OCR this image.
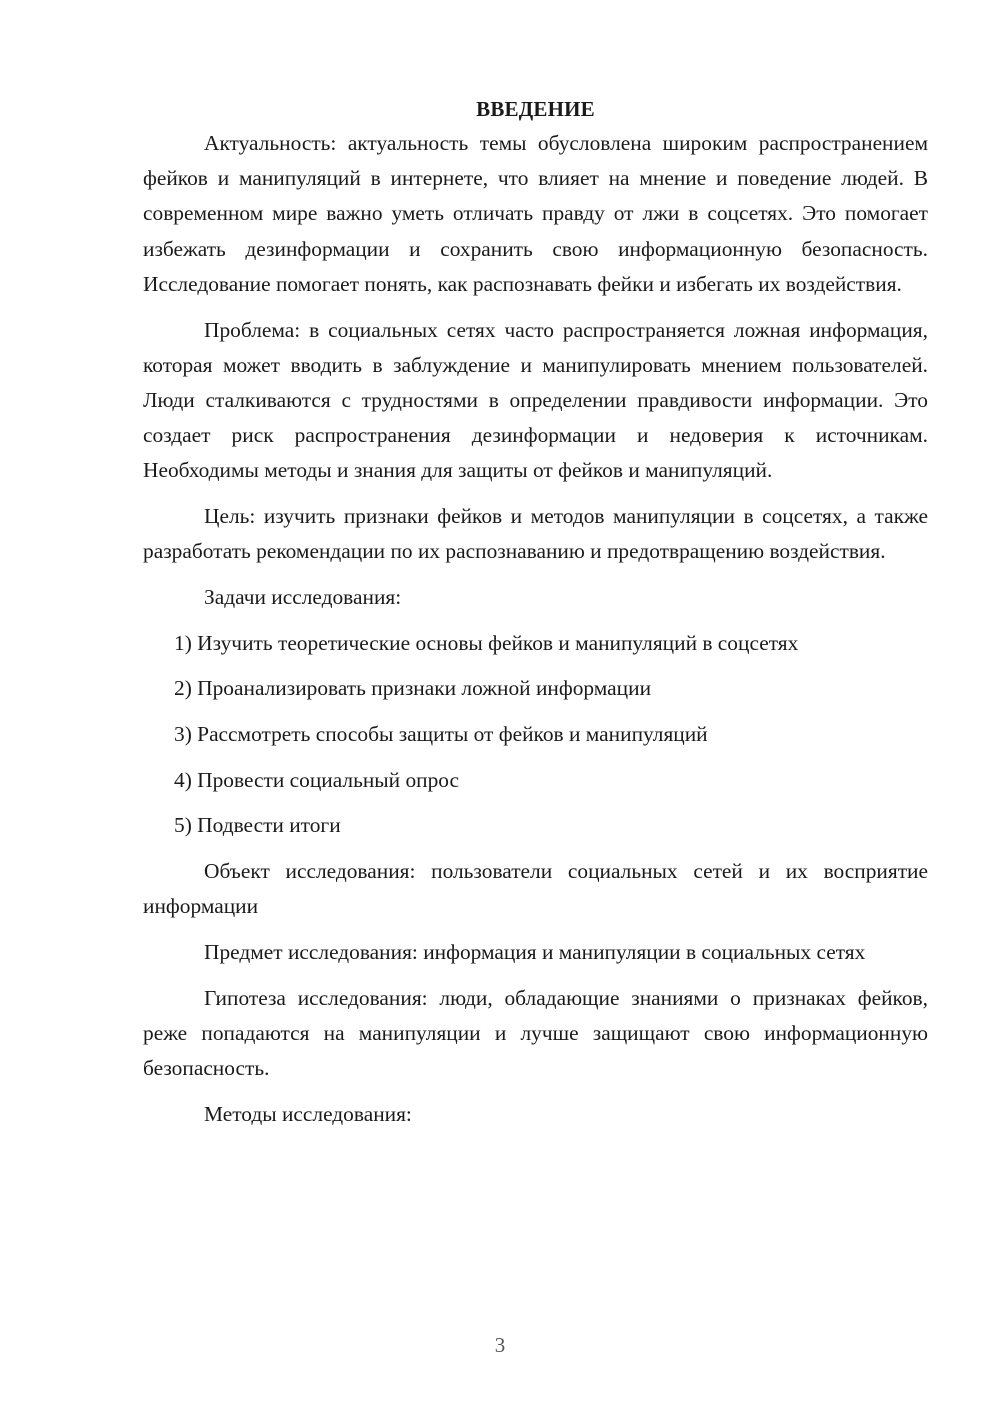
ВВЕДЕНИЕ

Актуальность: актуальность темы обусловлена широким распространением фейков и манипуляций в интернете, что влияет на мнение и поведение людей. В современном мире важно уметь отличать правду от лжи в соцсетях. Это помогает избежать дезинформации и сохранить свою информационную безопасность. Исследование помогает понять, как распознавать фейки и избегать их воздействия.

Проблема: в социальных сетях часто распространяется ложная информация, которая может вводить в заблуждение и манипулировать мнением пользователей. Люди сталкиваются с трудностями в определении правдивости информации. Это создает риск распространения дезинформации и недоверия к источникам. Необходимы методы и знания для защиты от фейков и манипуляций.

Цель: изучить признаки фейков и методов манипуляции в соцсетях, а также разработать рекомендации по их распознаванию и предотвращению воздействия.

Задачи исследования:

1) Изучить теоретические основы фейков и манипуляций в соцсетях
2) Проанализировать признаки ложной информации
3) Рассмотреть способы защиты от фейков и манипуляций
4) Провести социальный опрос
5) Подвести итоги

Объект исследования: пользователи социальных сетей и их восприятие информации

Предмет исследования: информация и манипуляции в социальных сетях

Гипотеза исследования: люди, обладающие знаниями о признаках фейков, реже попадаются на манипуляции и лучше защищают свою информационную безопасность.

Методы исследования:

3
